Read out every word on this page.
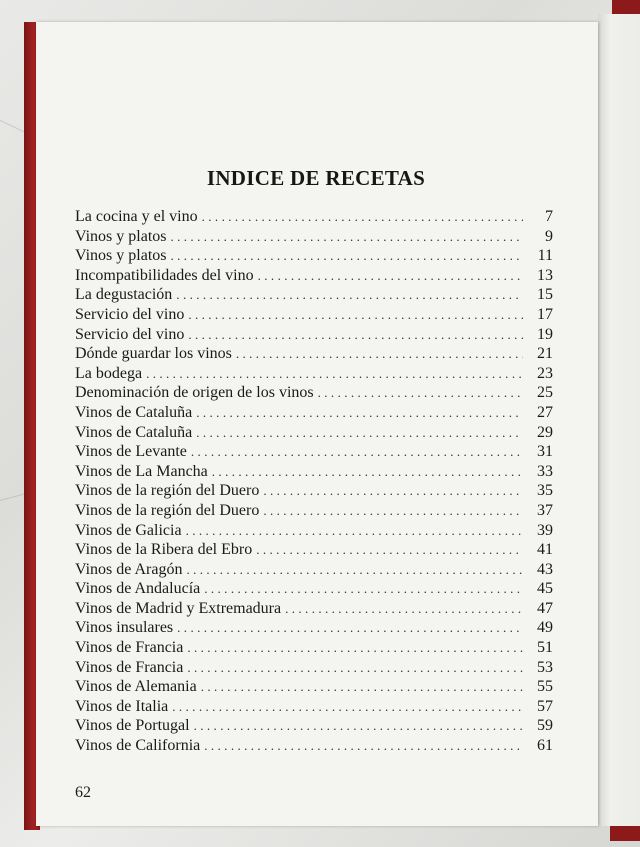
INDICE DE RECETAS
La cocina y el vino .....	7
Vinos y platos .....	9
Vinos y platos .....	11
Incompatibilidades del vino .....	13
La degustación .....	15
Servicio del vino .....	17
Servicio del vino .....	19
Dónde guardar los vinos .....	21
La bodega .....	23
Denominación de origen de los vinos .....	25
Vinos de Cataluña .....	27
Vinos de Cataluña .....	29
Vinos de Levante .....	31
Vinos de La Mancha .....	33
Vinos de la región del Duero .....	35
Vinos de la región del Duero .....	37
Vinos de Galicia .....	39
Vinos de la Ribera del Ebro .....	41
Vinos de Aragón .....	43
Vinos de Andalucía .....	45
Vinos de Madrid y Extremadura .....	47
Vinos insulares .....	49
Vinos de Francia .....	51
Vinos de Francia .....	53
Vinos de Alemania .....	55
Vinos de Italia .....	57
Vinos de Portugal .....	59
Vinos de California .....	61
62
